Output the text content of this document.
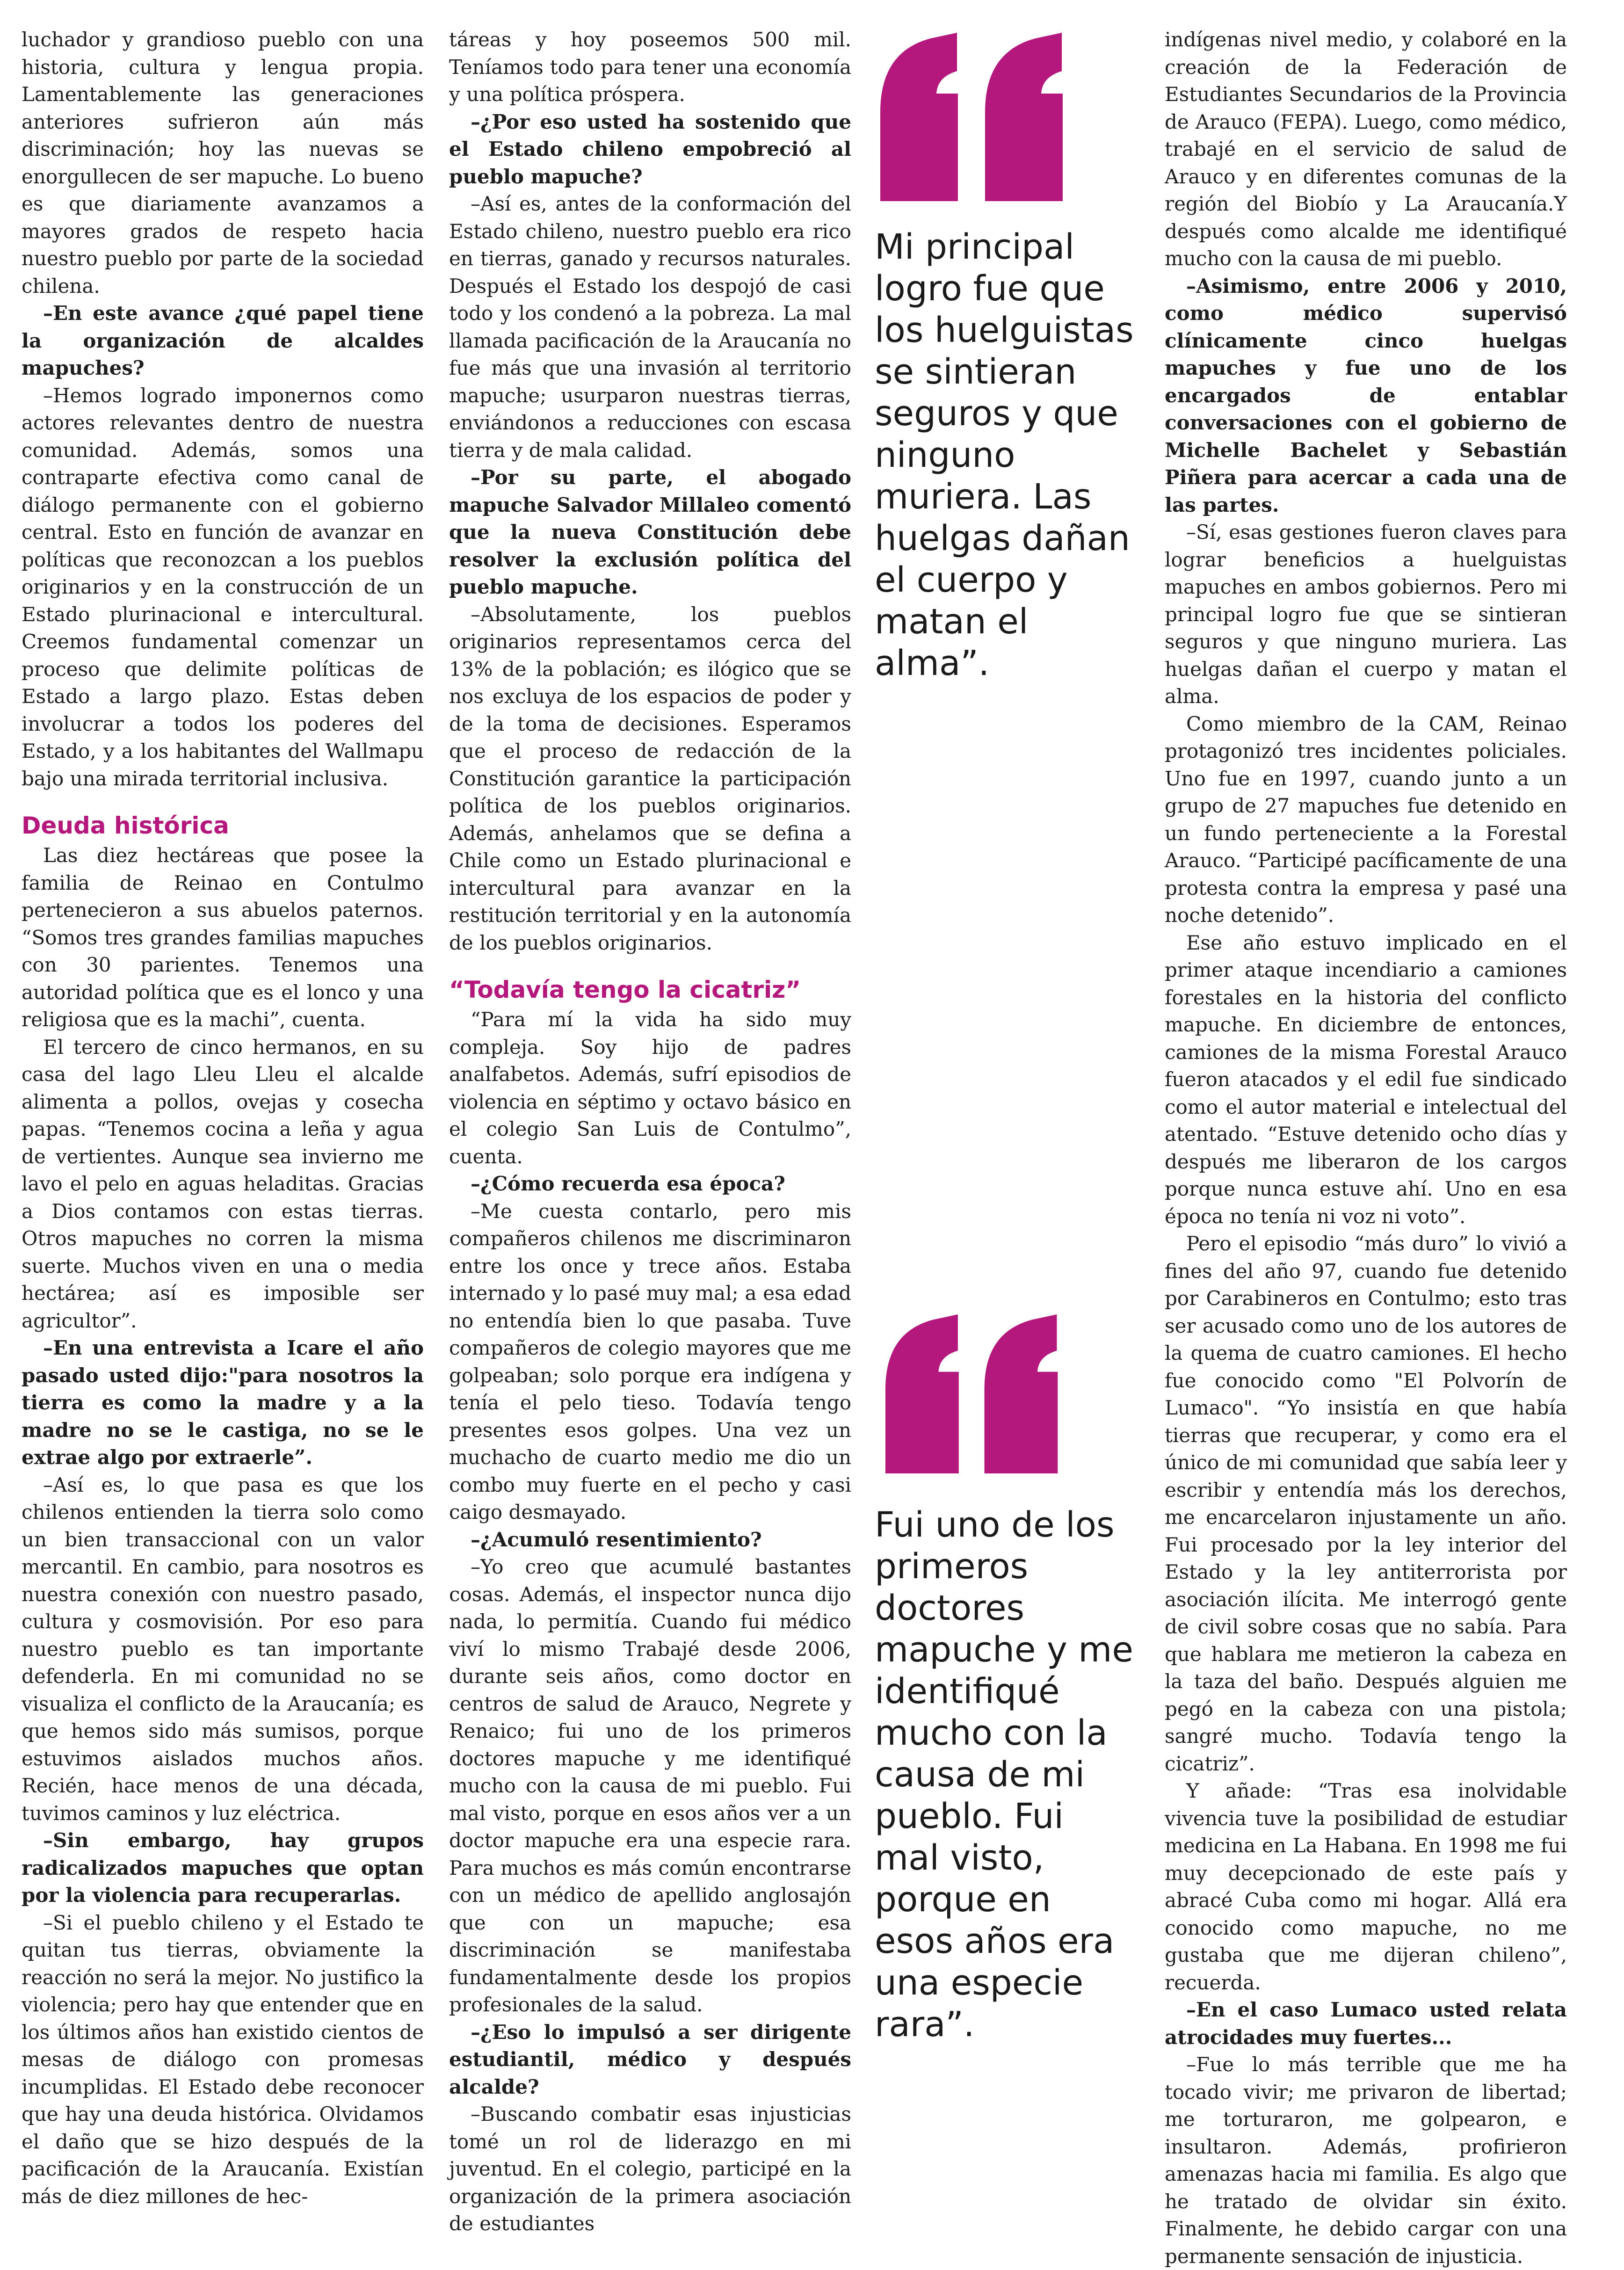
luchador y grandioso pueblo con una historia, cultura y lengua propia. Lamentablemente las generaciones anteriores sufrieron aún más discriminación; hoy las nuevas se enorgullecen de ser mapuche. Lo bueno es que diariamente avanzamos a mayores grados de respeto hacia nuestro pueblo por parte de la sociedad chilena.

–En este avance ¿qué papel tiene la organización de alcaldes mapuches?

–Hemos logrado imponernos como actores relevantes dentro de nuestra comunidad. Además, somos una contraparte efectiva como canal de diálogo permanente con el gobierno central. Esto en función de avanzar en políticas que reconozcan a los pueblos originarios y en la construcción de un Estado plurinacional e intercultural. Creemos fundamental comenzar un proceso que delimite políticas de Estado a largo plazo. Estas deben involucrar a todos los poderes del Estado, y a los habitantes del Wallmapu bajo una mirada territorial inclusiva.

Deuda histórica

Las diez hectáreas que posee la familia de Reinao en Contulmo pertenecieron a sus abuelos paternos. “Somos tres grandes familias mapuches con 30 parientes. Tenemos una autoridad política que es el lonco y una religiosa que es la machi”, cuenta.

El tercero de cinco hermanos, en su casa del lago Lleu Lleu el alcalde alimenta a pollos, ovejas y cosecha papas. “Tenemos cocina a leña y agua de vertientes. Aunque sea invierno me lavo el pelo en aguas heladitas. Gracias a Dios contamos con estas tierras. Otros mapuches no corren la misma suerte. Muchos viven en una o media hectárea; así es imposible ser agricultor”.

–En una entrevista a Icare el año pasado usted dijo:"para nosotros la tierra es como la madre y a la madre no se le castiga, no se le extrae algo por extraerle”.

–Así es, lo que pasa es que los chilenos entienden la tierra solo como un bien transaccional con un valor mercantil. En cambio, para nosotros es nuestra conexión con nuestro pasado, cultura y cosmovisión. Por eso para nuestro pueblo es tan importante defenderla. En mi comunidad no se visualiza el conflicto de la Araucanía; es que hemos sido más sumisos, porque estuvimos aislados muchos años. Recién, hace menos de una década, tuvimos caminos y luz eléctrica.

–Sin embargo, hay grupos radicalizados mapuches que optan por la violencia para recuperarlas.

–Si el pueblo chileno y el Estado te quitan tus tierras, obviamente la reacción no será la mejor. No justifico la violencia; pero hay que entender que en los últimos años han existido cientos de mesas de diálogo con promesas incumplidas. El Estado debe reconocer que hay una deuda histórica. Olvidamos el daño que se hizo después de la pacificación de la Araucanía. Existían más de diez millones de hec-

táreas y hoy poseemos 500 mil. Teníamos todo para tener una economía y una política próspera.

–¿Por eso usted ha sostenido que el Estado chileno empobreció al pueblo mapuche?

–Así es, antes de la conformación del Estado chileno, nuestro pueblo era rico en tierras, ganado y recursos naturales. Después el Estado los despojó de casi todo y los condenó a la pobreza. La mal llamada pacificación de la Araucanía no fue más que una invasión al territorio mapuche; usurparon nuestras tierras, enviándonos a reducciones con escasa tierra y de mala calidad.

–Por su parte, el abogado mapuche Salvador Millaleo comentó que la nueva Constitución debe resolver la exclusión política del pueblo mapuche.

–Absolutamente, los pueblos originarios representamos cerca del 13% de la población; es ilógico que se nos excluya de los espacios de poder y de la toma de decisiones. Esperamos que el proceso de redacción de la Constitución garantice la participación política de los pueblos originarios. Además, anhelamos que se defina a Chile como un Estado plurinacional e intercultural para avanzar en la restitución territorial y en la autonomía de los pueblos originarios.

“Todavía tengo la cicatriz”

“Para mí la vida ha sido muy compleja. Soy hijo de padres analfabetos. Además, sufrí episodios de violencia en séptimo y octavo básico en el colegio San Luis de Contulmo”, cuenta.

–¿Cómo recuerda esa época?

–Me cuesta contarlo, pero mis compañeros chilenos me discriminaron entre los once y trece años. Estaba internado y lo pasé muy mal; a esa edad no entendía bien lo que pasaba. Tuve compañeros de colegio mayores que me golpeaban; solo porque era indígena y tenía el pelo tieso. Todavía tengo presentes esos golpes. Una vez un muchacho de cuarto medio me dio un combo muy fuerte en el pecho y casi caigo desmayado.

–¿Acumuló resentimiento?

–Yo creo que acumulé bastantes cosas. Además, el inspector nunca dijo nada, lo permitía. Cuando fui médico viví lo mismo Trabajé desde 2006, durante seis años, como doctor en centros de salud de Arauco, Negrete y Renaico; fui uno de los primeros doctores mapuche y me identifiqué mucho con la causa de mi pueblo. Fui mal visto, porque en esos años ver a un doctor mapuche era una especie rara. Para muchos es más común encontrarse con un médico de apellido anglosajón que con un mapuche; esa discriminación se manifestaba fundamentalmente desde los propios profesionales de la salud.

–¿Eso lo impulsó a ser dirigente estudiantil, médico y después alcalde?

–Buscando combatir esas injusticias tomé un rol de liderazgo en mi juventud. En el colegio, participé en la organización de la primera asociación de estudiantes

Mi principal logro fue que los huelguistas se sintieran seguros y que ninguno muriera. Las huelgas dañan el cuerpo y matan el alma”.

Fui uno de los primeros doctores mapuche y me identifiqué mucho con la causa de mi pueblo. Fui mal visto, porque en esos años era una especie rara”.

indígenas nivel medio, y colaboré en la creación de la Federación de Estudiantes Secundarios de la Provincia de Arauco (FEPA). Luego, como médico, trabajé en el servicio de salud de Arauco y en diferentes comunas de la región del Biobío y La Araucanía.Y después como alcalde me identifiqué mucho con la causa de mi pueblo.

–Asimismo, entre 2006 y 2010, como médico supervisó clínicamente cinco huelgas mapuches y fue uno de los encargados de entablar conversaciones con el gobierno de Michelle Bachelet y Sebastián Piñera para acercar a cada una de las partes.

–Sí, esas gestiones fueron claves para lograr beneficios a huelguistas mapuches en ambos gobiernos. Pero mi principal logro fue que se sintieran seguros y que ninguno muriera. Las huelgas dañan el cuerpo y matan el alma.

Como miembro de la CAM, Reinao protagonizó tres incidentes policiales. Uno fue en 1997, cuando junto a un grupo de 27 mapuches fue detenido en un fundo perteneciente a la Forestal Arauco. “Participé pacíficamente de una protesta contra la empresa y pasé una noche detenido”.

Ese año estuvo implicado en el primer ataque incendiario a camiones forestales en la historia del conflicto mapuche. En diciembre de entonces, camiones de la misma Forestal Arauco fueron atacados y el edil fue sindicado como el autor material e intelectual del atentado. “Estuve detenido ocho días y después me liberaron de los cargos porque nunca estuve ahí. Uno en esa época no tenía ni voz ni voto”.

Pero el episodio “más duro” lo vivió a fines del año 97, cuando fue detenido por Carabineros en Contulmo; esto tras ser acusado como uno de los autores de la quema de cuatro camiones. El hecho fue conocido como "El Polvorín de Lumaco". “Yo insistía en que había tierras que recuperar, y como era el único de mi comunidad que sabía leer y escribir y entendía más los derechos, me encarcelaron injustamente un año. Fui procesado por la ley interior del Estado y la ley antiterrorista por asociación ilícita. Me interrogó gente de civil sobre cosas que no sabía. Para que hablara me metieron la cabeza en la taza del baño. Después alguien me pegó en la cabeza con una pistola; sangré mucho. Todavía tengo la cicatriz”.

Y añade: “Tras esa inolvidable vivencia tuve la posibilidad de estudiar medicina en La Habana. En 1998 me fui muy decepcionado de este país y abracé Cuba como mi hogar. Allá era conocido como mapuche, no me gustaba que me dijeran chileno”, recuerda.

–En el caso Lumaco usted relata atrocidades muy fuertes...

–Fue lo más terrible que me ha tocado vivir; me privaron de libertad; me torturaron, me golpearon, e insultaron. Además, profirieron amenazas hacia mi familia. Es algo que he tratado de olvidar sin éxito. Finalmente, he debido cargar con una permanente sensación de injusticia.
